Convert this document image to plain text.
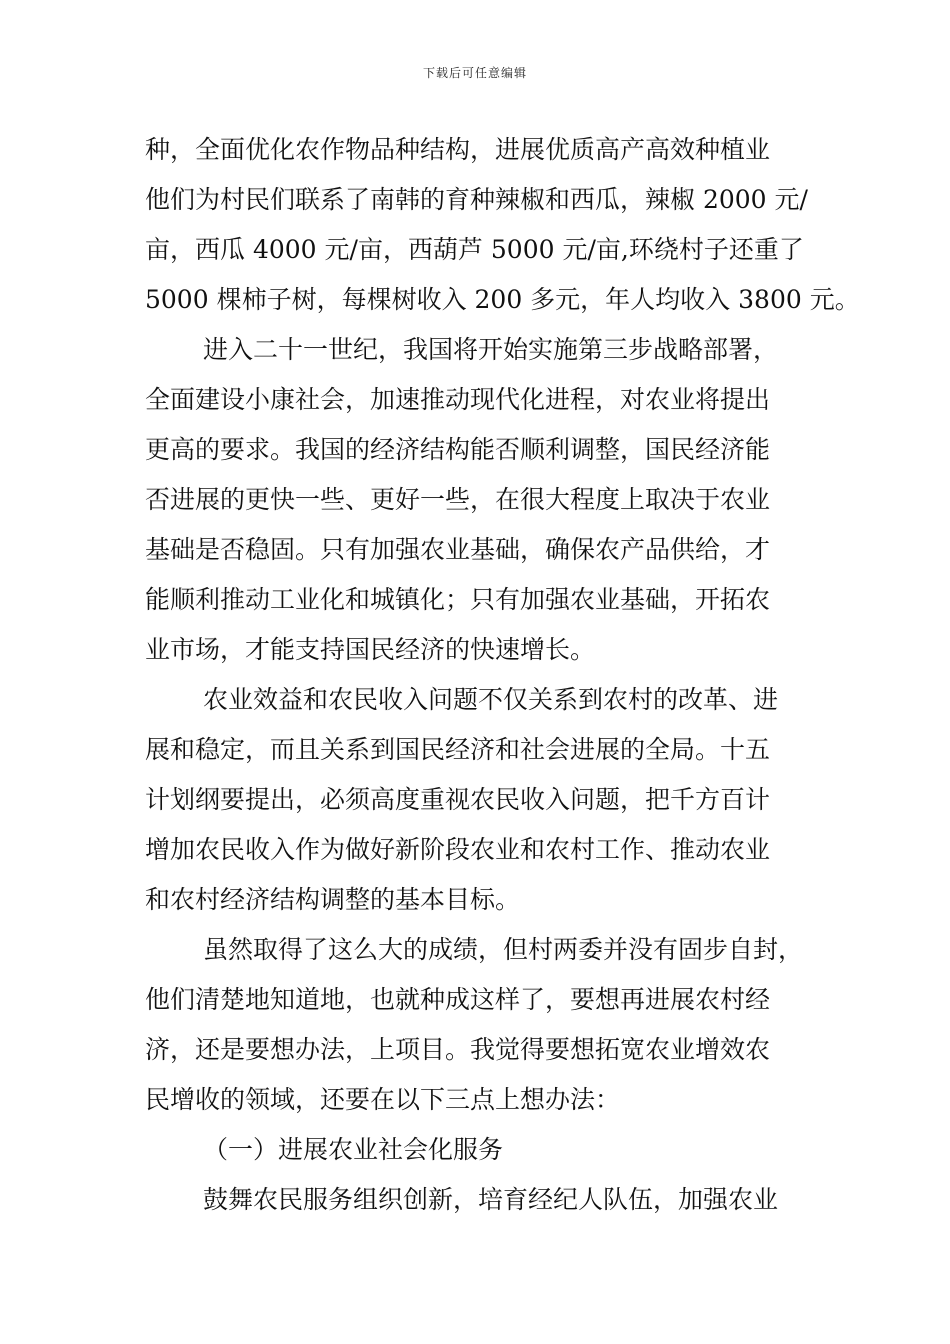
下载后可任意编辑
种，全面优化农作物品种结构，进展优质高产高效种植业
他们为村民们联系了南韩的育种辣椒和西瓜，辣椒 2000 元/
亩，西瓜 4000 元/亩，西葫芦 5000 元/亩,环绕村子还重了
5000 棵柿子树，每棵树收入 200 多元，年人均收入 3800 元。
进入二十一世纪，我国将开始实施第三步战略部署，
全面建设小康社会，加速推动现代化进程，对农业将提出
更高的要求。我国的经济结构能否顺利调整，国民经济能
否进展的更快一些、更好一些，在很大程度上取决于农业
基础是否稳固。只有加强农业基础，确保农产品供给，才
能顺利推动工业化和城镇化；只有加强农业基础，开拓农
业市场，才能支持国民经济的快速增长。
农业效益和农民收入问题不仅关系到农村的改革、进
展和稳定，而且关系到国民经济和社会进展的全局。十五
计划纲要提出，必须高度重视农民收入问题，把千方百计
增加农民收入作为做好新阶段农业和农村工作、推动农业
和农村经济结构调整的基本目标。
虽然取得了这么大的成绩，但村两委并没有固步自封，
他们清楚地知道地，也就种成这样了，要想再进展农村经
济，还是要想办法，上项目。我觉得要想拓宽农业增效农
民增收的领域，还要在以下三点上想办法：
（一）进展农业社会化服务
鼓舞农民服务组织创新，培育经纪人队伍，加强农业
